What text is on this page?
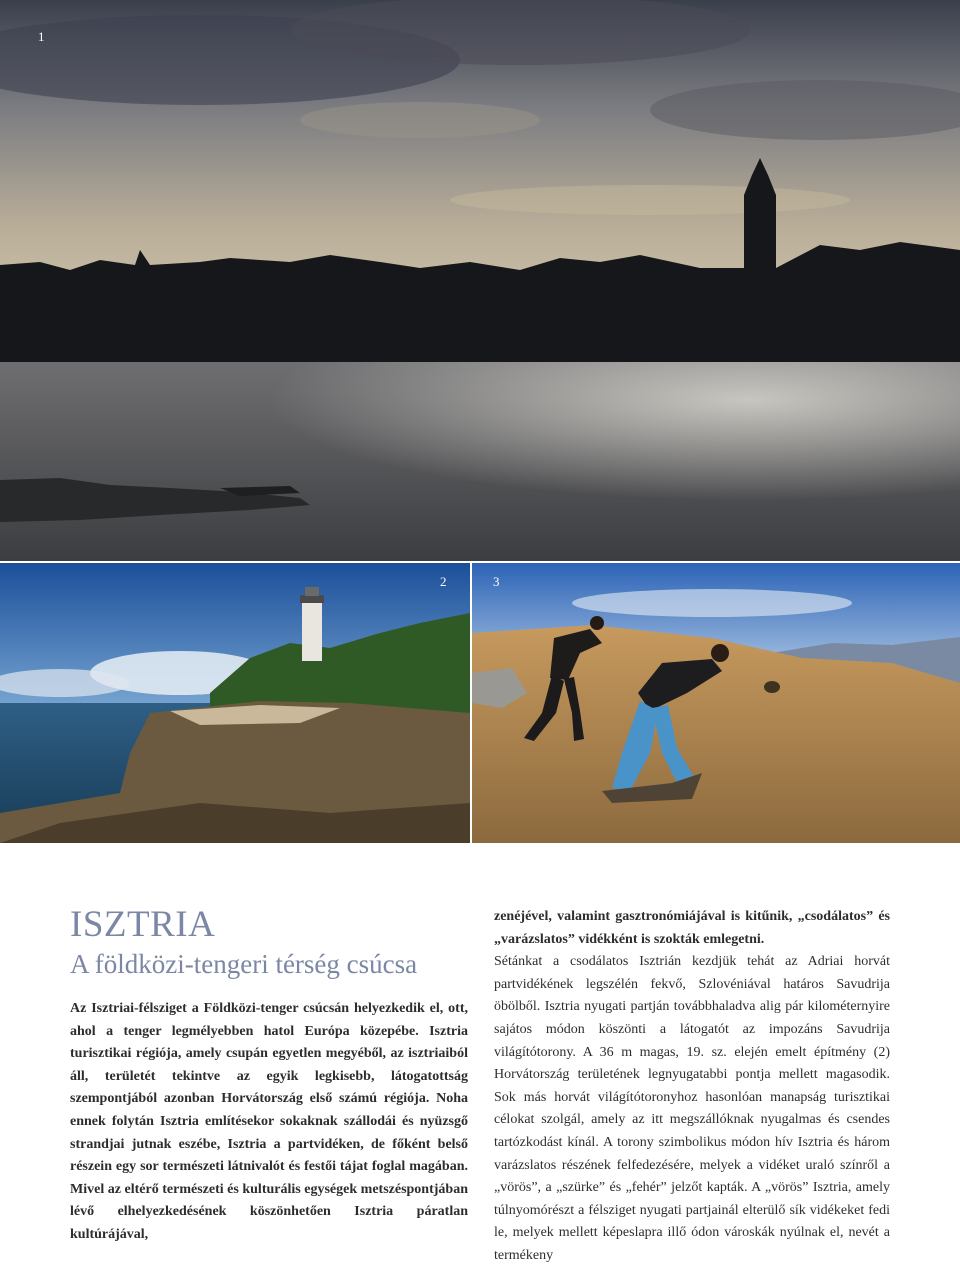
1
2	3
ISZTRIA
A földközi-tengeri térség csúcsa

Az Isztriai-félsziget a Földközi-tenger csúcsán helyezkedik el, ott, ahol a tenger legmélyebben hatol Európa közepébe. Isztria turisztikai régiója, amely csupán egyetlen megyéből, az isztriaiból áll, területét tekintve az egyik legkisebb, látogatottság szempontjából azonban Horvátország első számú régiója. Noha ennek folytán Isztria említésekor sokaknak szállodái és nyüzsgő strandjai jutnak eszébe, Isztria a partvidéken, de főként belső részein egy sor természeti látnivalót és festői tájat foglal magában. Mivel az eltérő természeti és kulturális egységek metszéspontjában lévő elhelyezkedésének köszönhetően Isztria páratlan kultúrájával,

zenéjével, valamint gasztronómiájával is kitűnik, „csodálatos” és „varázslatos” vidékként is szokták emlegetni.

Sétánkat a csodálatos Isztrián kezdjük tehát az Adriai horvát partvidékének legszélén fekvő, Szlovéniával határos Savudrija öbölből. Isztria nyugati partján továbbhaladva alig pár kilométernyire sajátos módon köszönti a látogatót az impozáns Savudrija világítótorony. A 36 m magas, 19. sz. elején emelt építmény (2) Horvátország területének legnyugatabbi pontja mellett magasodik. Sok más horvát világítótoronyhoz hasonlóan manapság turisztikai célokat szolgál, amely az itt megszállóknak nyugalmas és csendes tartózkodást kínál. A torony szimbolikus módon hív Isztria és három varázslatos részének felfedezésére, melyek a vidéket uraló színről a „vörös”, a „szürke” és „fehér” jelzőt kapták. A „vörös” Isztria, amely túlnyomórészt a félsziget nyugati partjainál elterülő sík vidékeket fedi le, melyek mellett képeslapra illő ódon városkák nyúlnak el, nevét a termékeny
